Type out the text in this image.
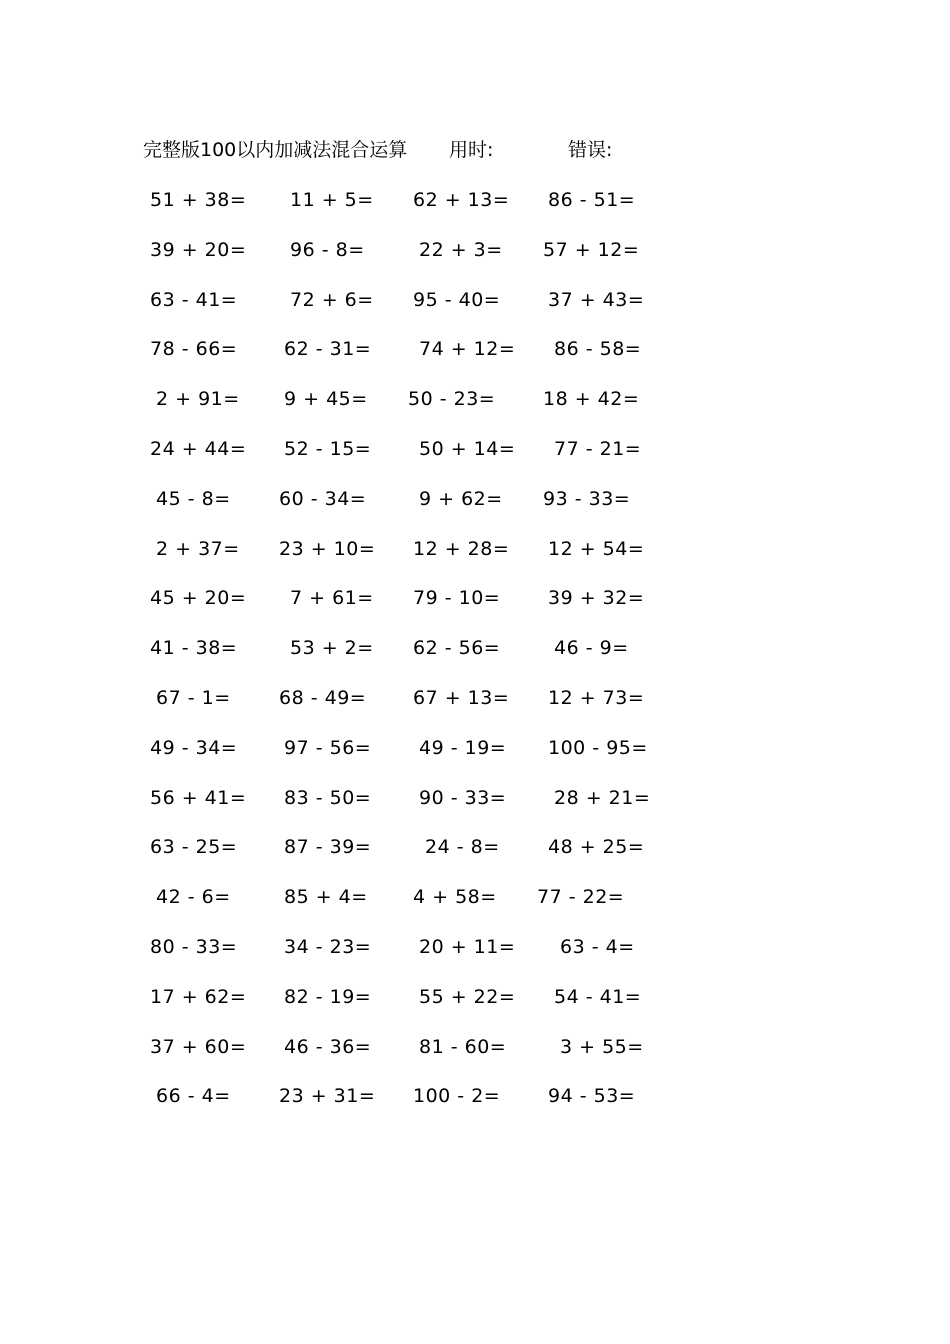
完整版100以内加减法混合运算 用时:	错误:
51 + 38= 11 + 5= 62 + 13= 86 - 51=
39 + 20= 96 - 8=	22 + 3= 57 + 12=
63 - 41=	72 + 6= 95 - 40=	37 + 43=
78 - 66= 62 - 31=	74 + 12= 86 - 58=
2 + 91= 9 + 45= 50 - 23=	18 + 42=
24 + 44= 52 - 15=	50 + 14= 77 - 21=
45 - 8=	60 - 34=	9 + 62= 93 - 33=
2 + 37= 23 + 10= 12 + 28= 12 + 54=
45 + 20= 7 + 61= 79 - 10=	39 + 32=
41 - 38=	53 + 2= 62 - 56=	46 - 9=
67 - 1=	68 - 49= 67 + 13= 12 + 73=
49 - 34= 97 - 56=	49 - 19= 100 - 95=
56 + 41= 83 - 50=	90 - 33=	28 + 21=
63 - 25= 87 - 39=	24 - 8=	48 + 25=
42 - 6=	85 + 4= 4 + 58= 77 - 22=
80 - 33= 34 - 23=	20 + 11= 63 - 4=
17 + 62= 82 - 19=	55 + 22= 54 - 41=
37 + 60= 46 - 36=	81 - 60=	3 + 55=
66 - 4=	23 + 31= 100 - 2=	94 - 53=
